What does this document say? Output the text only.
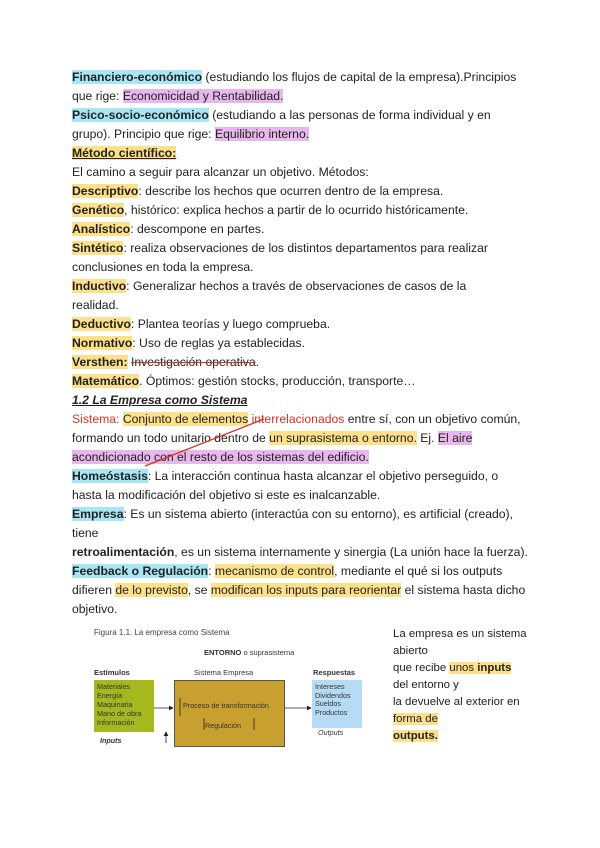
Financiero-económico (estudiando los flujos de capital de la empresa).Principios
que rige: Economicidad y Rentabilidad.
Psico-socio-económico (estudiando a las personas de forma individual y en
grupo). Principio que rige: Equilibrio interno.
Método científico:
El camino a seguir para alcanzar un objetivo. Métodos:
Descriptivo: describe los hechos que ocurren dentro de la empresa.
Genético, histórico: explica hechos a partir de lo ocurrido históricamente.
Analístico: descompone en partes.
Sintético: realiza observaciones de los distintos departamentos para realizar
conclusiones en toda la empresa.
Inductivo: Generalizar hechos a través de observaciones de casos de la
realidad.
Deductivo: Plantea teorías y luego comprueba.
Normativo: Uso de reglas ya establecidas.
Versthen: Investigación operativa.
Matemático. Óptimos: gestión stocks, producción, transporte…
1.2 La Empresa como Sistema
Sistema: Conjunto de elementos interrelacionados entre sí, con un objetivo común,
formando un todo unitario dentro de un suprasistema o entorno. Ej. El aire
acondicionado con el resto de los sistemas del edificio.
Homeóstasis: La interacción continua hasta alcanzar el objetivo perseguido, o
hasta la modificación del objetivo si este es inalcanzable.
Empresa: Es un sistema abierto (interactúa con su entorno), es artificial (creado),
tiene
retroalimentación, es un sistema internamente y sinergia (La unión hace la fuerza).
Feedback o Regulación: mecanismo de control, mediante el qué si los outputs
difieren de lo previsto, se modifican los inputs para reorientar el sistema hasta dicho
objetivo.
Figura 1.1. La empresa como Sistema
ENTORNO o suprasistema
Estímulos	Sistema Empresa	Respuestas
Materiales
Energía
Maquinaria
Mano de obra
Información
Proceso de transformación
Regulación
Intereses
Dividendos
Sueldos
Productos
Inputs
Outputs
La empresa es un sistema
abierto
que recibe unos inputs
del entorno y
la devuelve al exterior en
forma de
outputs.
